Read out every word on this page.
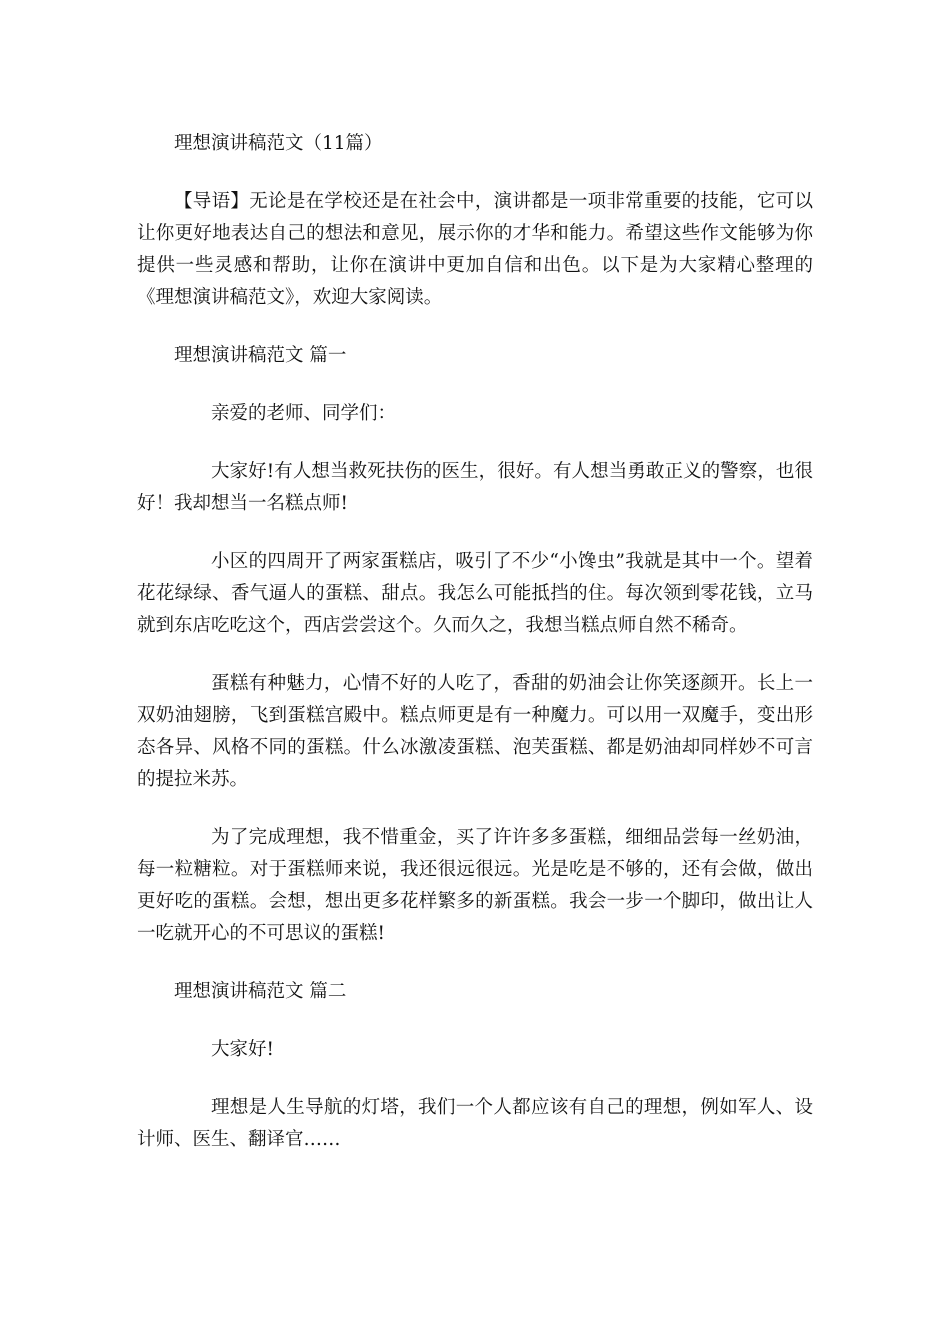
理想演讲稿范文（11篇）

【导语】无论是在学校还是在社会中，演讲都是一项非常重要的技能，它可以让你更好地表达自己的想法和意见，展示你的才华和能力。希望这些作文能够为你提供一些灵感和帮助，让你在演讲中更加自信和出色。以下是为大家精心整理的《理想演讲稿范文》，欢迎大家阅读。

理想演讲稿范文 篇一

亲爱的老师、同学们：

大家好!有人想当救死扶伤的医生，很好。有人想当勇敢正义的警察，也很好！我却想当一名糕点师!

小区的四周开了两家蛋糕店，吸引了不少“小馋虫”我就是其中一个。望着花花绿绿、香气逼人的蛋糕、甜点。我怎么可能抵挡的住。每次领到零花钱，立马就到东店吃吃这个，西店尝尝这个。久而久之，我想当糕点师自然不稀奇。

蛋糕有种魅力，心情不好的人吃了，香甜的奶油会让你笑逐颜开。长上一双奶油翅膀，飞到蛋糕宫殿中。糕点师更是有一种魔力。可以用一双魔手，变出形态各异、风格不同的蛋糕。什么冰激凌蛋糕、泡芙蛋糕、都是奶油却同样妙不可言的提拉米苏。

为了完成理想，我不惜重金，买了许许多多蛋糕，细细品尝每一丝奶油，每一粒糖粒。对于蛋糕师来说，我还很远很远。光是吃是不够的，还有会做，做出更好吃的蛋糕。会想，想出更多花样繁多的新蛋糕。我会一步一个脚印，做出让人一吃就开心的不可思议的蛋糕!

理想演讲稿范文 篇二

大家好!

理想是人生导航的灯塔，我们一个人都应该有自己的理想，例如军人、设计师、医生、翻译官……
